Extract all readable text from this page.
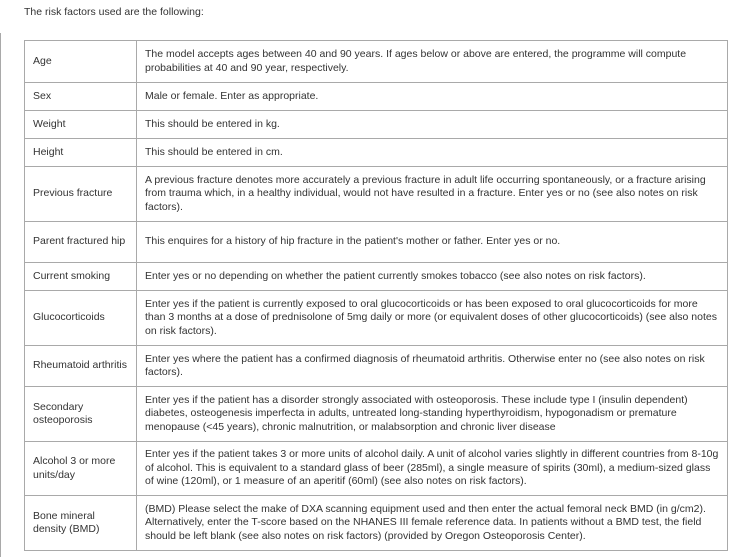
The risk factors used are the following:
Age	The model accepts ages between 40 and 90 years. If ages below or above are entered, the programme will compute probabilities at 40 and 90 year, respectively.
Sex	Male or female. Enter as appropriate.
Weight	This should be entered in kg.
Height	This should be entered in cm.
Previous fracture	A previous fracture denotes more accurately a previous fracture in adult life occurring spontaneously, or a fracture arising from trauma which, in a healthy individual, would not have resulted in a fracture. Enter yes or no (see also notes on risk factors).
Parent fractured hip	This enquires for a history of hip fracture in the patient's mother or father. Enter yes or no.
Current smoking	Enter yes or no depending on whether the patient currently smokes tobacco (see also notes on risk factors).
Glucocorticoids	Enter yes if the patient is currently exposed to oral glucocorticoids or has been exposed to oral glucocorticoids for more than 3 months at a dose of prednisolone of 5mg daily or more (or equivalent doses of other glucocorticoids) (see also notes on risk factors).
Rheumatoid arthritis	Enter yes where the patient has a confirmed diagnosis of rheumatoid arthritis. Otherwise enter no (see also notes on risk factors).
Secondary osteoporosis	Enter yes if the patient has a disorder strongly associated with osteoporosis. These include type I (insulin dependent) diabetes, osteogenesis imperfecta in adults, untreated long-standing hyperthyroidism, hypogonadism or premature menopause (<45 years), chronic malnutrition, or malabsorption and chronic liver disease
Alcohol 3 or more units/day	Enter yes if the patient takes 3 or more units of alcohol daily. A unit of alcohol varies slightly in different countries from 8-10g of alcohol. This is equivalent to a standard glass of beer (285ml), a single measure of spirits (30ml), a medium-sized glass of wine (120ml), or 1 measure of an aperitif (60ml) (see also notes on risk factors).
Bone mineral density (BMD)	(BMD) Please select the make of DXA scanning equipment used and then enter the actual femoral neck BMD (in g/cm2). Alternatively, enter the T-score based on the NHANES III female reference data. In patients without a BMD test, the field should be left blank (see also notes on risk factors) (provided by Oregon Osteoporosis Center).
